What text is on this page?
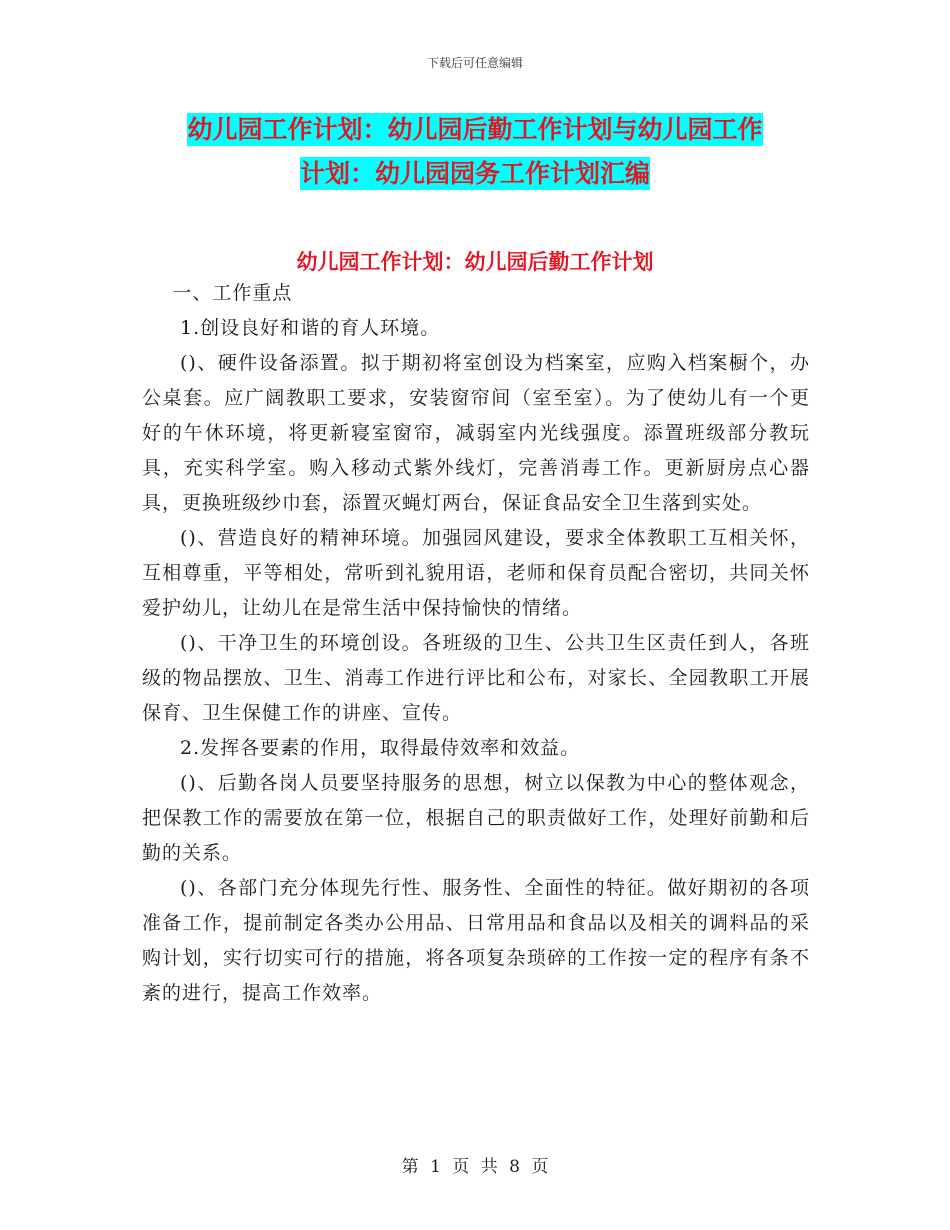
下载后可任意编辑
幼儿园工作计划：幼儿园后勤工作计划与幼儿园工作
计划：幼儿园园务工作计划汇编
幼儿园工作计划：幼儿园后勤工作计划

一、工作重点

1.创设良好和谐的育人环境。

()、硬件设备添置。拟于期初将室创设为档案室，应购入档案橱个，办公桌套。应广阔教职工要求，安装窗帘间（室至室）。为了使幼儿有一个更好的午休环境，将更新寝室窗帘，减弱室内光线强度。添置班级部分教玩具，充实科学室。购入移动式紫外线灯，完善消毒工作。更新厨房点心器具，更换班级纱巾套，添置灭蝇灯两台，保证食品安全卫生落到实处。

()、营造良好的精神环境。加强园风建设，要求全体教职工互相关怀，互相尊重，平等相处，常听到礼貌用语，老师和保育员配合密切，共同关怀爱护幼儿，让幼儿在是常生活中保持愉快的情绪。

()、干净卫生的环境创设。各班级的卫生、公共卫生区责任到人，各班级的物品摆放、卫生、消毒工作进行评比和公布，对家长、全园教职工开展保育、卫生保健工作的讲座、宣传。

2.发挥各要素的作用，取得最侍效率和效益。

()、后勤各岗人员要坚持服务的思想，树立以保教为中心的整体观念，把保教工作的需要放在第一位，根据自己的职责做好工作，处理好前勤和后勤的关系。

()、各部门充分体现先行性、服务性、全面性的特征。做好期初的各项准备工作，提前制定各类办公用品、日常用品和食品以及相关的调料品的采购计划，实行切实可行的措施，将各项复杂琐碎的工作按一定的程序有条不紊的进行，提高工作效率。

第 1 页 共 8 页
